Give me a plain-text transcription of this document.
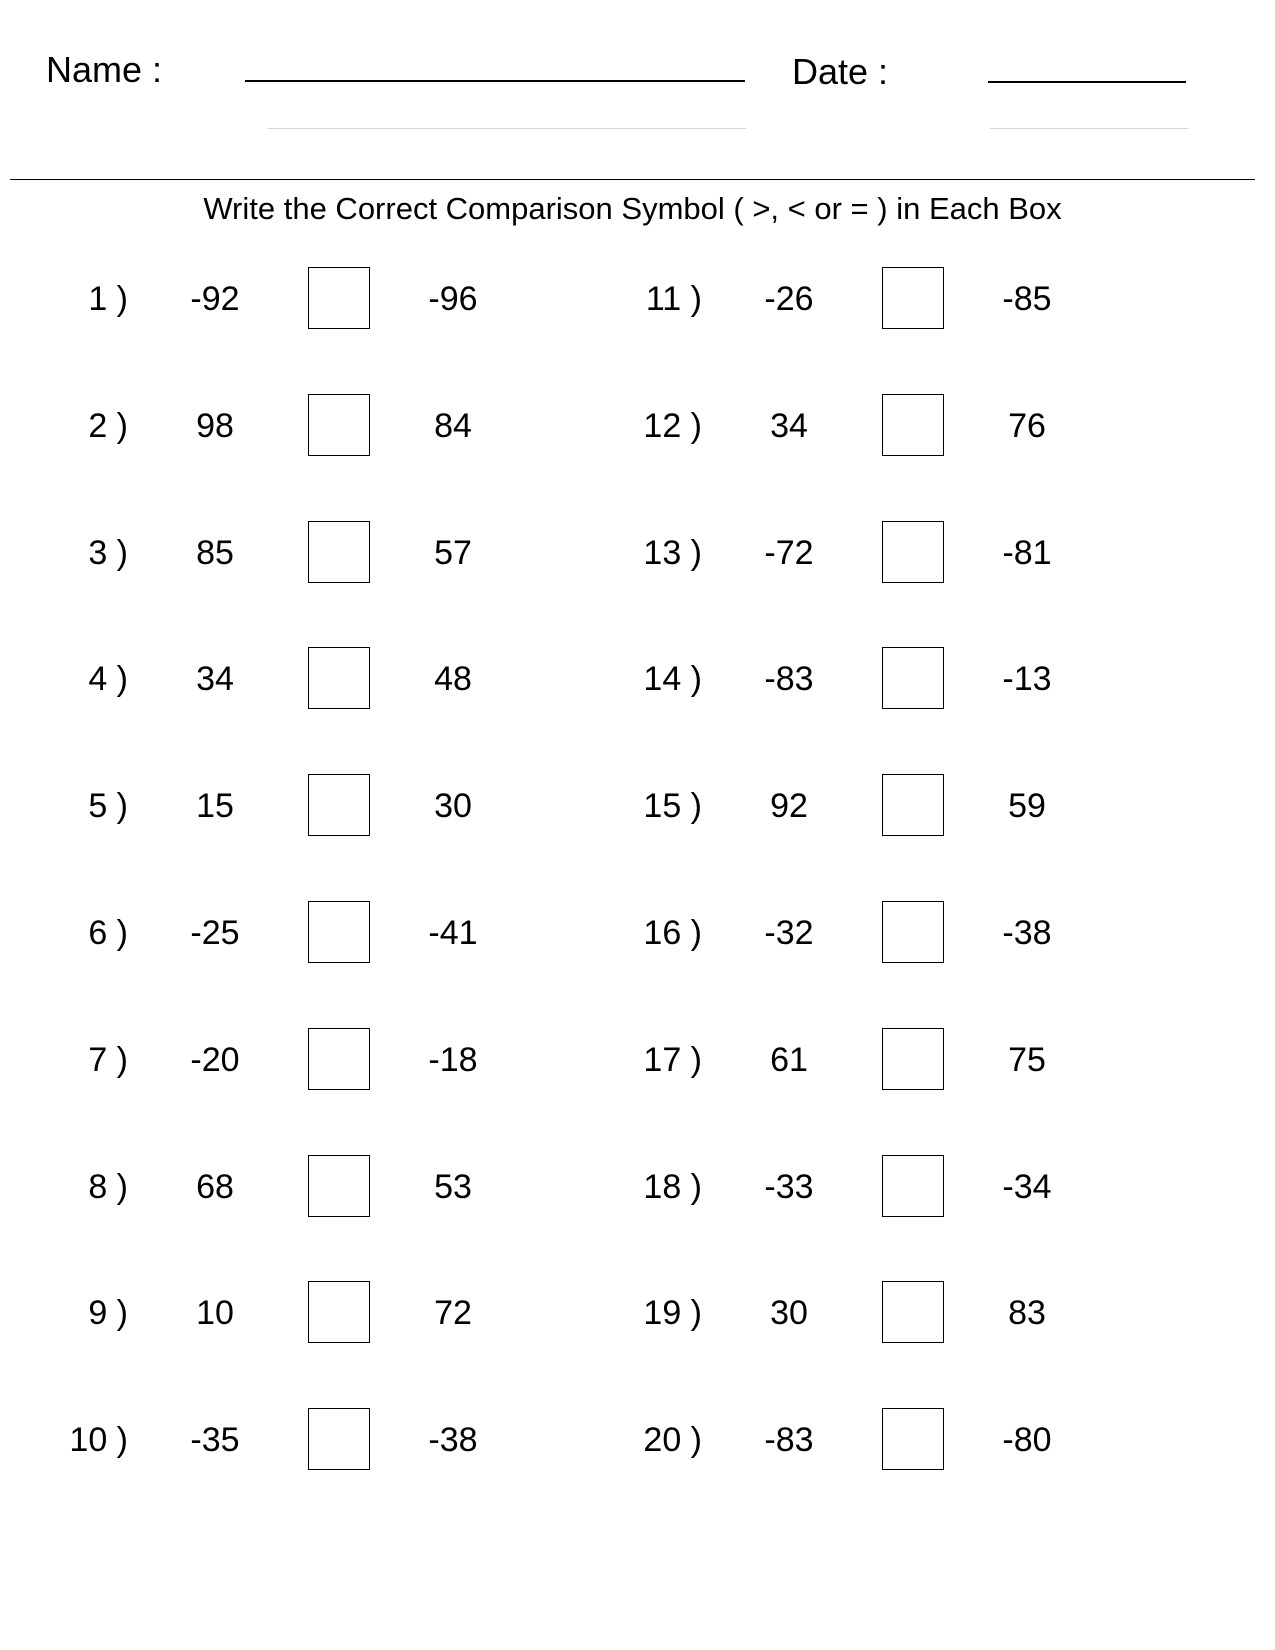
Name :	Date :
Write the Correct Comparison Symbol ( >, < or = ) in Each Box
1 )	-92	-96
2 )	98	84
3 )	85	57
4 )	34	48
5 )	15	30
6 )	-25	-41
7 )	-20	-18
8 )	68	53
9 )	10	72
10 )	-35	-38
11 )	-26	-85
12 )	34	76
13 )	-72	-81
14 )	-83	-13
15 )	92	59
16 )	-32	-38
17 )	61	75
18 )	-33	-34
19 )	30	83
20 )	-83	-80
